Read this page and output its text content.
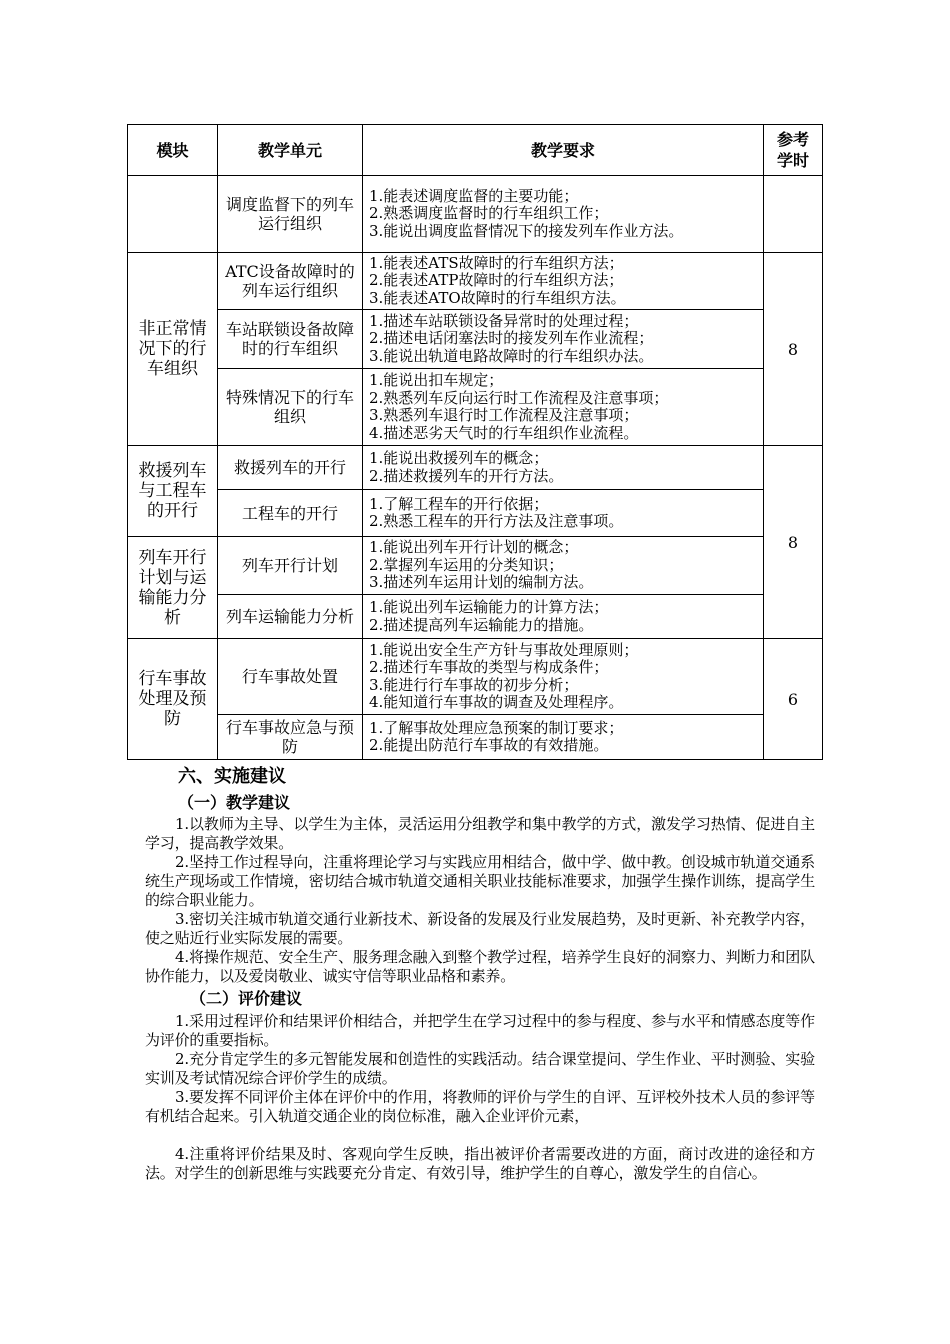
模块	教学单元	教学要求	参考
学时
	调度监督下的列车运行组织	1.能表述调度监督的主要功能；
2.熟悉调度监督时的行车组织工作；
3.能说出调度监督情况下的接发列车作业方法。	

非正常情况下的行车组织	ATC设备故障时的列车运行组织	1.能表述ATS故障时的行车组织方法；
2.能表述ATP故障时的行车组织方法；
3.能表述ATO故障时的行车组织方法。	8
	车站联锁设备故障时的行车组织	1.描述车站联锁设备异常时的处理过程；
2.描述电话闭塞法时的接发列车作业流程；
3.能说出轨道电路故障时的行车组织办法。	

	特殊情况下的行车组织	1.能说出扣车规定；
2.熟悉列车反向运行时工作流程及注意事项；
3.熟悉列车退行时工作流程及注意事项；
4.描述恶劣天气时的行车组织作业流程。	

救援列车与工程车的开行	救援列车的开行	1.能说出救援列车的概念；
2.描述救援列车的开行方法。	8
	工程车的开行	1.了解工程车的开行依据；
2.熟悉工程车的开行方法及注意事项。	

列车开行计划与运输能力分析	列车开行计划	1.能说出列车开行计划的概念；
2.掌握列车运用的分类知识；
3.描述列车运用计划的编制方法。	

	列车运输能力分析	1.能说出列车运输能力的计算方法；
2.描述提高列车运输能力的措施。	

行车事故处理及预防	行车事故处置	1.能说出安全生产方针与事故处理原则；
2.描述行车事故的类型与构成条件；
3.能进行行车事故的初步分析；
4.能知道行车事故的调查及处理程序。	6
	行车事故应急与预防	1.了解事故处理应急预案的制订要求；
2.能提出防范行车事故的有效措施。	
六、实施建议
（一）教学建议

1.以教师为主导、以学生为主体，灵活运用分组教学和集中教学的方式，激发学习热情、促进自主学习，提高教学效果。

2.坚持工作过程导向，注重将理论学习与实践应用相结合，做中学、做中教。创设城市轨道交通系统生产现场或工作情境，密切结合城市轨道交通相关职业技能标准要求，加强学生操作训练，提高学生的综合职业能力。

3.密切关注城市轨道交通行业新技术、新设备的发展及行业发展趋势，及时更新、补充教学内容，使之贴近行业实际发展的需要。

4.将操作规范、安全生产、服务理念融入到整个教学过程，培养学生良好的洞察力、判断力和团队协作能力，以及爱岗敬业、诚实守信等职业品格和素养。

（二）评价建议

1.采用过程评价和结果评价相结合，并把学生在学习过程中的参与程度、参与水平和情感态度等作为评价的重要指标。

2.充分肯定学生的多元智能发展和创造性的实践活动。结合课堂提问、学生作业、平时测验、实验实训及考试情况综合评价学生的成绩。

3.要发挥不同评价主体在评价中的作用，将教师的评价与学生的自评、互评校外技术人员的参评等有机结合起来。引入轨道交通企业的岗位标准，融入企业评价元素，

4.注重将评价结果及时、客观向学生反映，指出被评价者需要改进的方面，商讨改进的途径和方法。对学生的创新思维与实践要充分肯定、有效引导，维护学生的自尊心，激发学生的自信心。
